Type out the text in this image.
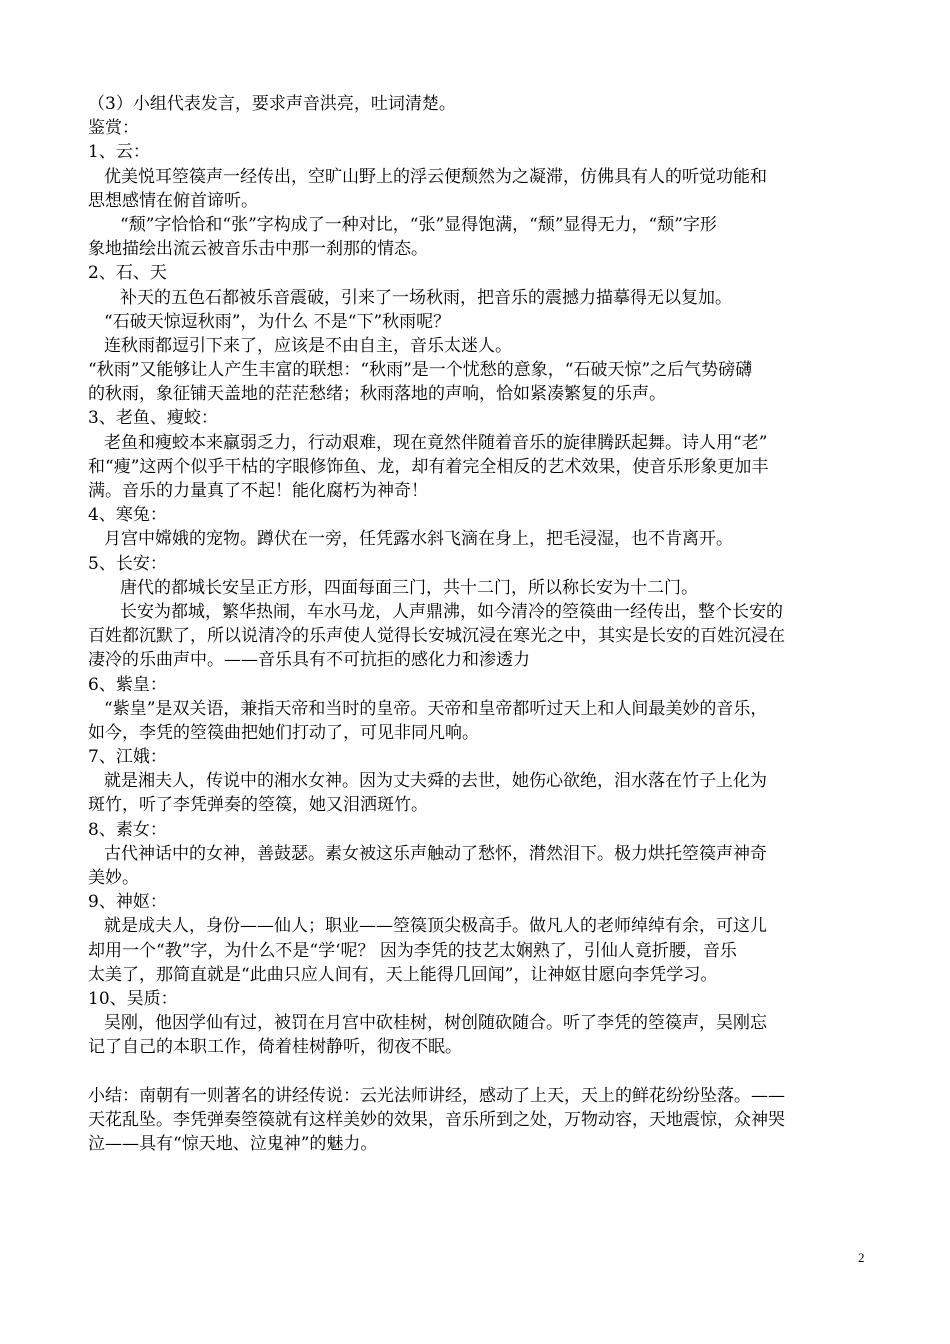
（3）小组代表发言，要求声音洪亮，吐词清楚。
鉴赏：
1、云：
优美悦耳箜篌声一经传出，空旷山野上的浮云便颓然为之凝滞，仿佛具有人的听觉功能和
思想感情在俯首谛听。
“颓”字恰恰和“张”字构成了一种对比，“张”显得饱满，“颓”显得无力，“颓”字形
象地描绘出流云被音乐击中那一刹那的情态。
2、石、天
补天的五色石都被乐音震破，引来了一场秋雨，把音乐的震撼力描摹得无以复加。
“石破天惊逗秋雨”，为什么 不是“下”秋雨呢？
连秋雨都逗引下来了，应该是不由自主，音乐太迷人。
“秋雨”又能够让人产生丰富的联想：“秋雨”是一个忧愁的意象，“石破天惊”之后气势磅礴
的秋雨，象征铺天盖地的茫茫愁绪；秋雨落地的声响，恰如紧凑繁复的乐声。
3、老鱼、瘦蛟：
老鱼和瘦蛟本来羸弱乏力，行动艰难，现在竟然伴随着音乐的旋律腾跃起舞。诗人用“老”
和“瘦”这两个似乎干枯的字眼修饰鱼、龙，却有着完全相反的艺术效果，使音乐形象更加丰
满。音乐的力量真了不起！能化腐朽为神奇！
4、寒兔：
月宫中嫦娥的宠物。蹲伏在一旁，任凭露水斜飞滴在身上，把毛浸湿，也不肯离开。
5、长安：
唐代的都城长安呈正方形，四面每面三门，共十二门，所以称长安为十二门。
长安为都城，繁华热闹，车水马龙，人声鼎沸，如今清冷的箜篌曲一经传出，整个长安的
百姓都沉默了，所以说清冷的乐声使人觉得长安城沉浸在寒光之中，其实是长安的百姓沉浸在
凄冷的乐曲声中。——音乐具有不可抗拒的感化力和渗透力
6、紫皇：
“紫皇”是双关语，兼指天帝和当时的皇帝。天帝和皇帝都听过天上和人间最美妙的音乐，
如今，李凭的箜篌曲把她们打动了，可见非同凡响。
7、江娥：
就是湘夫人，传说中的湘水女神。因为丈夫舜的去世，她伤心欲绝，泪水落在竹子上化为
斑竹，听了李凭弹奏的箜篌，她又泪洒斑竹。
8、素女：
古代神话中的女神，善鼓瑟。素女被这乐声触动了愁怀，潸然泪下。极力烘托箜篌声神奇
美妙。
9、神妪：
就是成夫人，身份——仙人；职业——箜篌顶尖极高手。做凡人的老师绰绰有余，可这儿
却用一个“教”字，为什么不是“学‘呢？ 因为李凭的技艺太娴熟了，引仙人竟折腰，音乐
太美了，那简直就是“此曲只应人间有，天上能得几回闻”，让神妪甘愿向李凭学习。
10、吴质：
吴刚，他因学仙有过，被罚在月宫中砍桂树，树创随砍随合。听了李凭的箜篌声，吴刚忘
记了自己的本职工作，倚着桂树静听，彻夜不眠。
小结：南朝有一则著名的讲经传说：云光法师讲经，感动了上天，天上的鲜花纷纷坠落。——
天花乱坠。李凭弹奏箜篌就有这样美妙的效果，音乐所到之处，万物动容，天地震惊，众神哭
泣——具有“惊天地、泣鬼神”的魅力。
2
